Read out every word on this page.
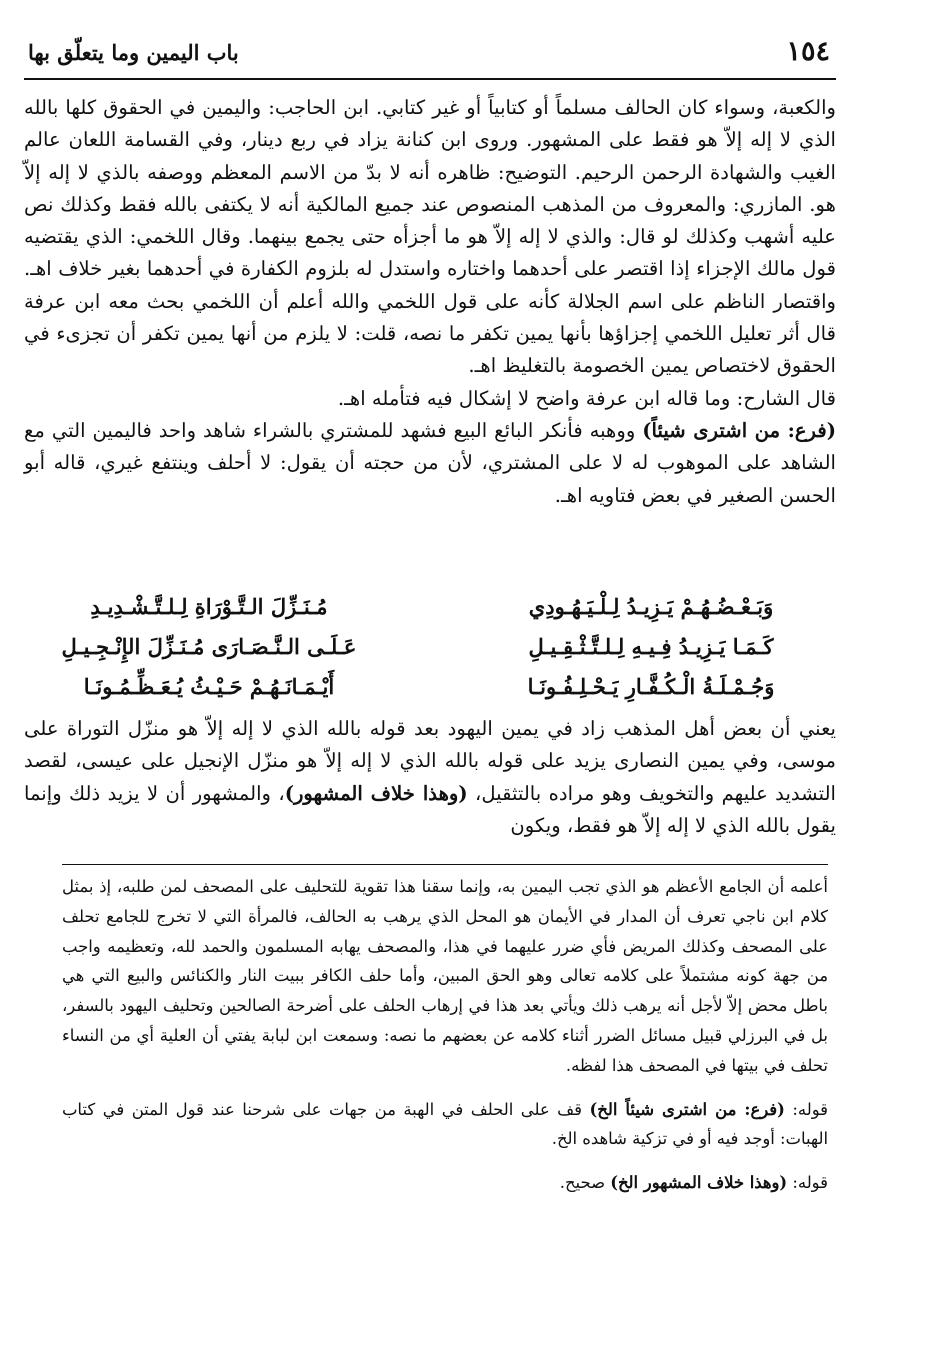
١٥٤
باب اليمين وما يتعلّق بها

والكعبة، وسواء كان الحالف مسلماً أو كتابياً أو غير كتابي. ابن الحاجب: واليمين في الحقوق كلها بالله الذي لا إله إلاّ هو فقط على المشهور. وروى ابن كنانة يزاد في ربع دينار، وفي القسامة اللعان عالم الغيب والشهادة الرحمن الرحيم. التوضيح: ظاهره أنه لا بدّ من الاسم المعظم ووصفه بالذي لا إله إلاّ هو. المازري: والمعروف من المذهب المنصوص عند جميع المالكية أنه لا يكتفى بالله فقط وكذلك نص عليه أشهب وكذلك لو قال: والذي لا إله إلاّ هو ما أجزأه حتى يجمع بينهما. وقال اللخمي: الذي يقتضيه قول مالك الإجزاء إذا اقتصر على أحدهما واختاره واستدل له بلزوم الكفارة في أحدهما بغير خلاف اهـ. واقتصار الناظم على اسم الجلالة كأنه على قول اللخمي والله أعلم أن اللخمي بحث معه ابن عرفة قال أثر تعليل اللخمي إجزاؤها بأنها يمين تكفر ما نصه، قلت: لا يلزم من أنها يمين تكفر أن تجزىء في الحقوق لاختصاص يمين الخصومة بالتغليظ اهـ.

قال الشارح: وما قاله ابن عرفة واضح لا إشكال فيه فتأمله اهـ.

(فرع: من اشترى شيئاً) ووهبه فأنكر البائع البيع فشهد للمشتري بالشراء شاهد واحد فاليمين التي مع الشاهد على الموهوب له لا على المشتري، لأن من حجته أن يقول: لا أحلف وينتفع غيري، قاله أبو الحسن الصغير في بعض فتاويه اهـ.

وَبَـعْـضُـهُـمْ يَـزِيـدُ لِـلْـيَـهُـودِي
مُـنَـزِّلَ الـتَّـوْرَاةِ لِـلـتَّـشْـدِيـدِ
كَـمَـا يَـزِيـدُ فِـيـهِ لِـلـتَّـثْـقِـيـلِ
عَـلَـى الـنَّـصَـارَى مُـنَـزِّلَ الإِنْـجِـيـلِ
وَجُـمْـلَـةُ الْـكُـفَّـارِ يَـحْـلِـفُـونَـا
أَيْـمَـانَـهُـمْ حَـيْـثُ يُـعَـظِّـمُـونَـا
يعني أن بعض أهل المذهب زاد في يمين اليهود بعد قوله بالله الذي لا إله إلاّ هو منزّل التوراة على موسى، وفي يمين النصارى يزيد على قوله بالله الذي لا إله إلاّ هو منزّل الإنجيل على عيسى، لقصد التشديد عليهم والتخويف وهو مراده بالتثقيل، (وهذا خلاف المشهور)، والمشهور أن لا يزيد ذلك وإنما يقول بالله الذي لا إله إلاّ هو فقط، ويكون

أعلمه أن الجامع الأعظم هو الذي تجب اليمين به، وإنما سقنا هذا تقوية للتحليف على المصحف لمن طلبه، إذ بمثل كلام ابن ناجي تعرف أن المدار في الأيمان هو المحل الذي يرهب به الحالف، فالمرأة التي لا تخرج للجامع تحلف على المصحف وكذلك المريض فأي ضرر عليهما في هذا، والمصحف يهابه المسلمون والحمد لله، وتعظيمه واجب من جهة كونه مشتملاً على كلامه تعالى وهو الحق المبين، وأما حلف الكافر ببيت النار والكنائس والبيع التي هي باطل محض إلاّ لأجل أنه يرهب ذلك ويأتي بعد هذا في إرهاب الحلف على أضرحة الصالحين وتحليف اليهود بالسفر، بل في البرزلي قبيل مسائل الضرر أثناء كلامه عن بعضهم ما نصه: وسمعت ابن لبابة يفتي أن العلية أي من النساء تحلف في بيتها في المصحف هذا لفظه.

قوله: (فرع: من اشترى شيئاً الخ) قف على الحلف في الهبة من جهات على شرحنا عند قول المتن في كتاب الهبات: أوجد فيه أو في تزكية شاهده الخ.

قوله: (وهذا خلاف المشهور الخ) صحيح.
